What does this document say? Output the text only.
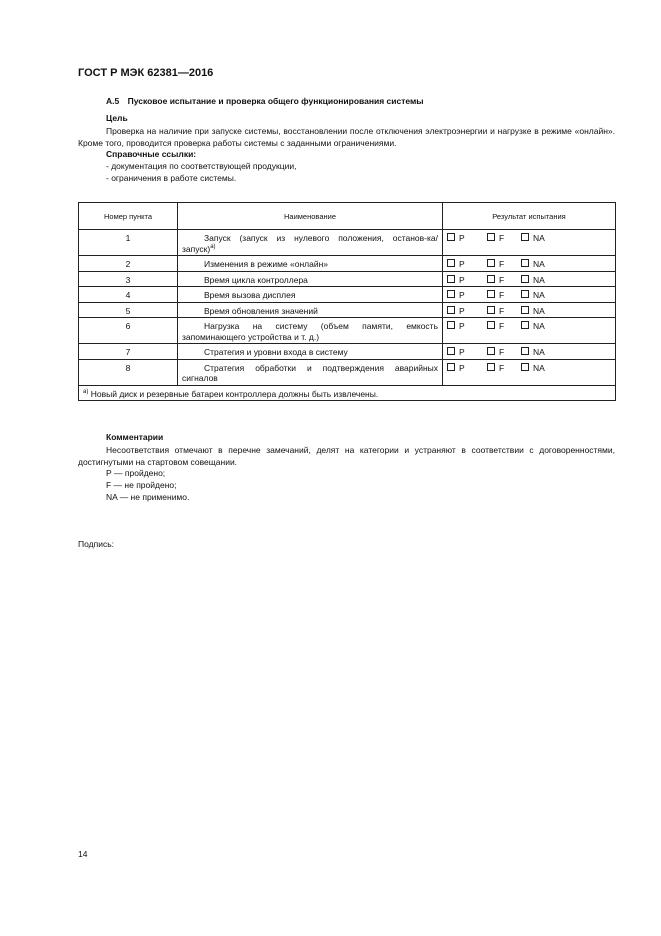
ГОСТ Р МЭК 62381—2016
А.5 Пусковое испытание и проверка общего функционирования системы
Цель

Проверка на наличие при запуске системы, восстановлении после отключения электроэнергии и нагрузке в режиме «онлайн». Кроме того, проводится проверка работы системы с заданными ограничениями.

Справочные ссылки:
- документация по соответствующей продукции,
- ограничения в работе системы.
Номер пункта	Наименование	Результат испытания
1	Запуск (запуск из нулевого положения, останов-ка/запуск)$^{а)}$	P F NA
2	Изменения в режиме «онлайн»	P F NA
3	Время цикла контроллера	P F NA
4	Время вызова дисплея	P F NA
5	Время обновления значений	P F NA
6	Нагрузка на систему (объем памяти, емкость запоминающего устройства и т. д.)	P F NA
7	Стратегия и уровни входа в систему	P F NA
8	Стратегия обработки и подтверждения аварийных сигналов	P F NA
$^{а)}$ Новый диск и резервные батареи контроллера должны быть извлечены.		
Комментарии

Несоответствия отмечают в перечне замечаний, делят на категории и устраняют в соответствии с договоренностями, достигнутыми на стартовом совещании.

Р — пройдено;
F — не пройдено;
NA — не применимо.
Подпись:
14
